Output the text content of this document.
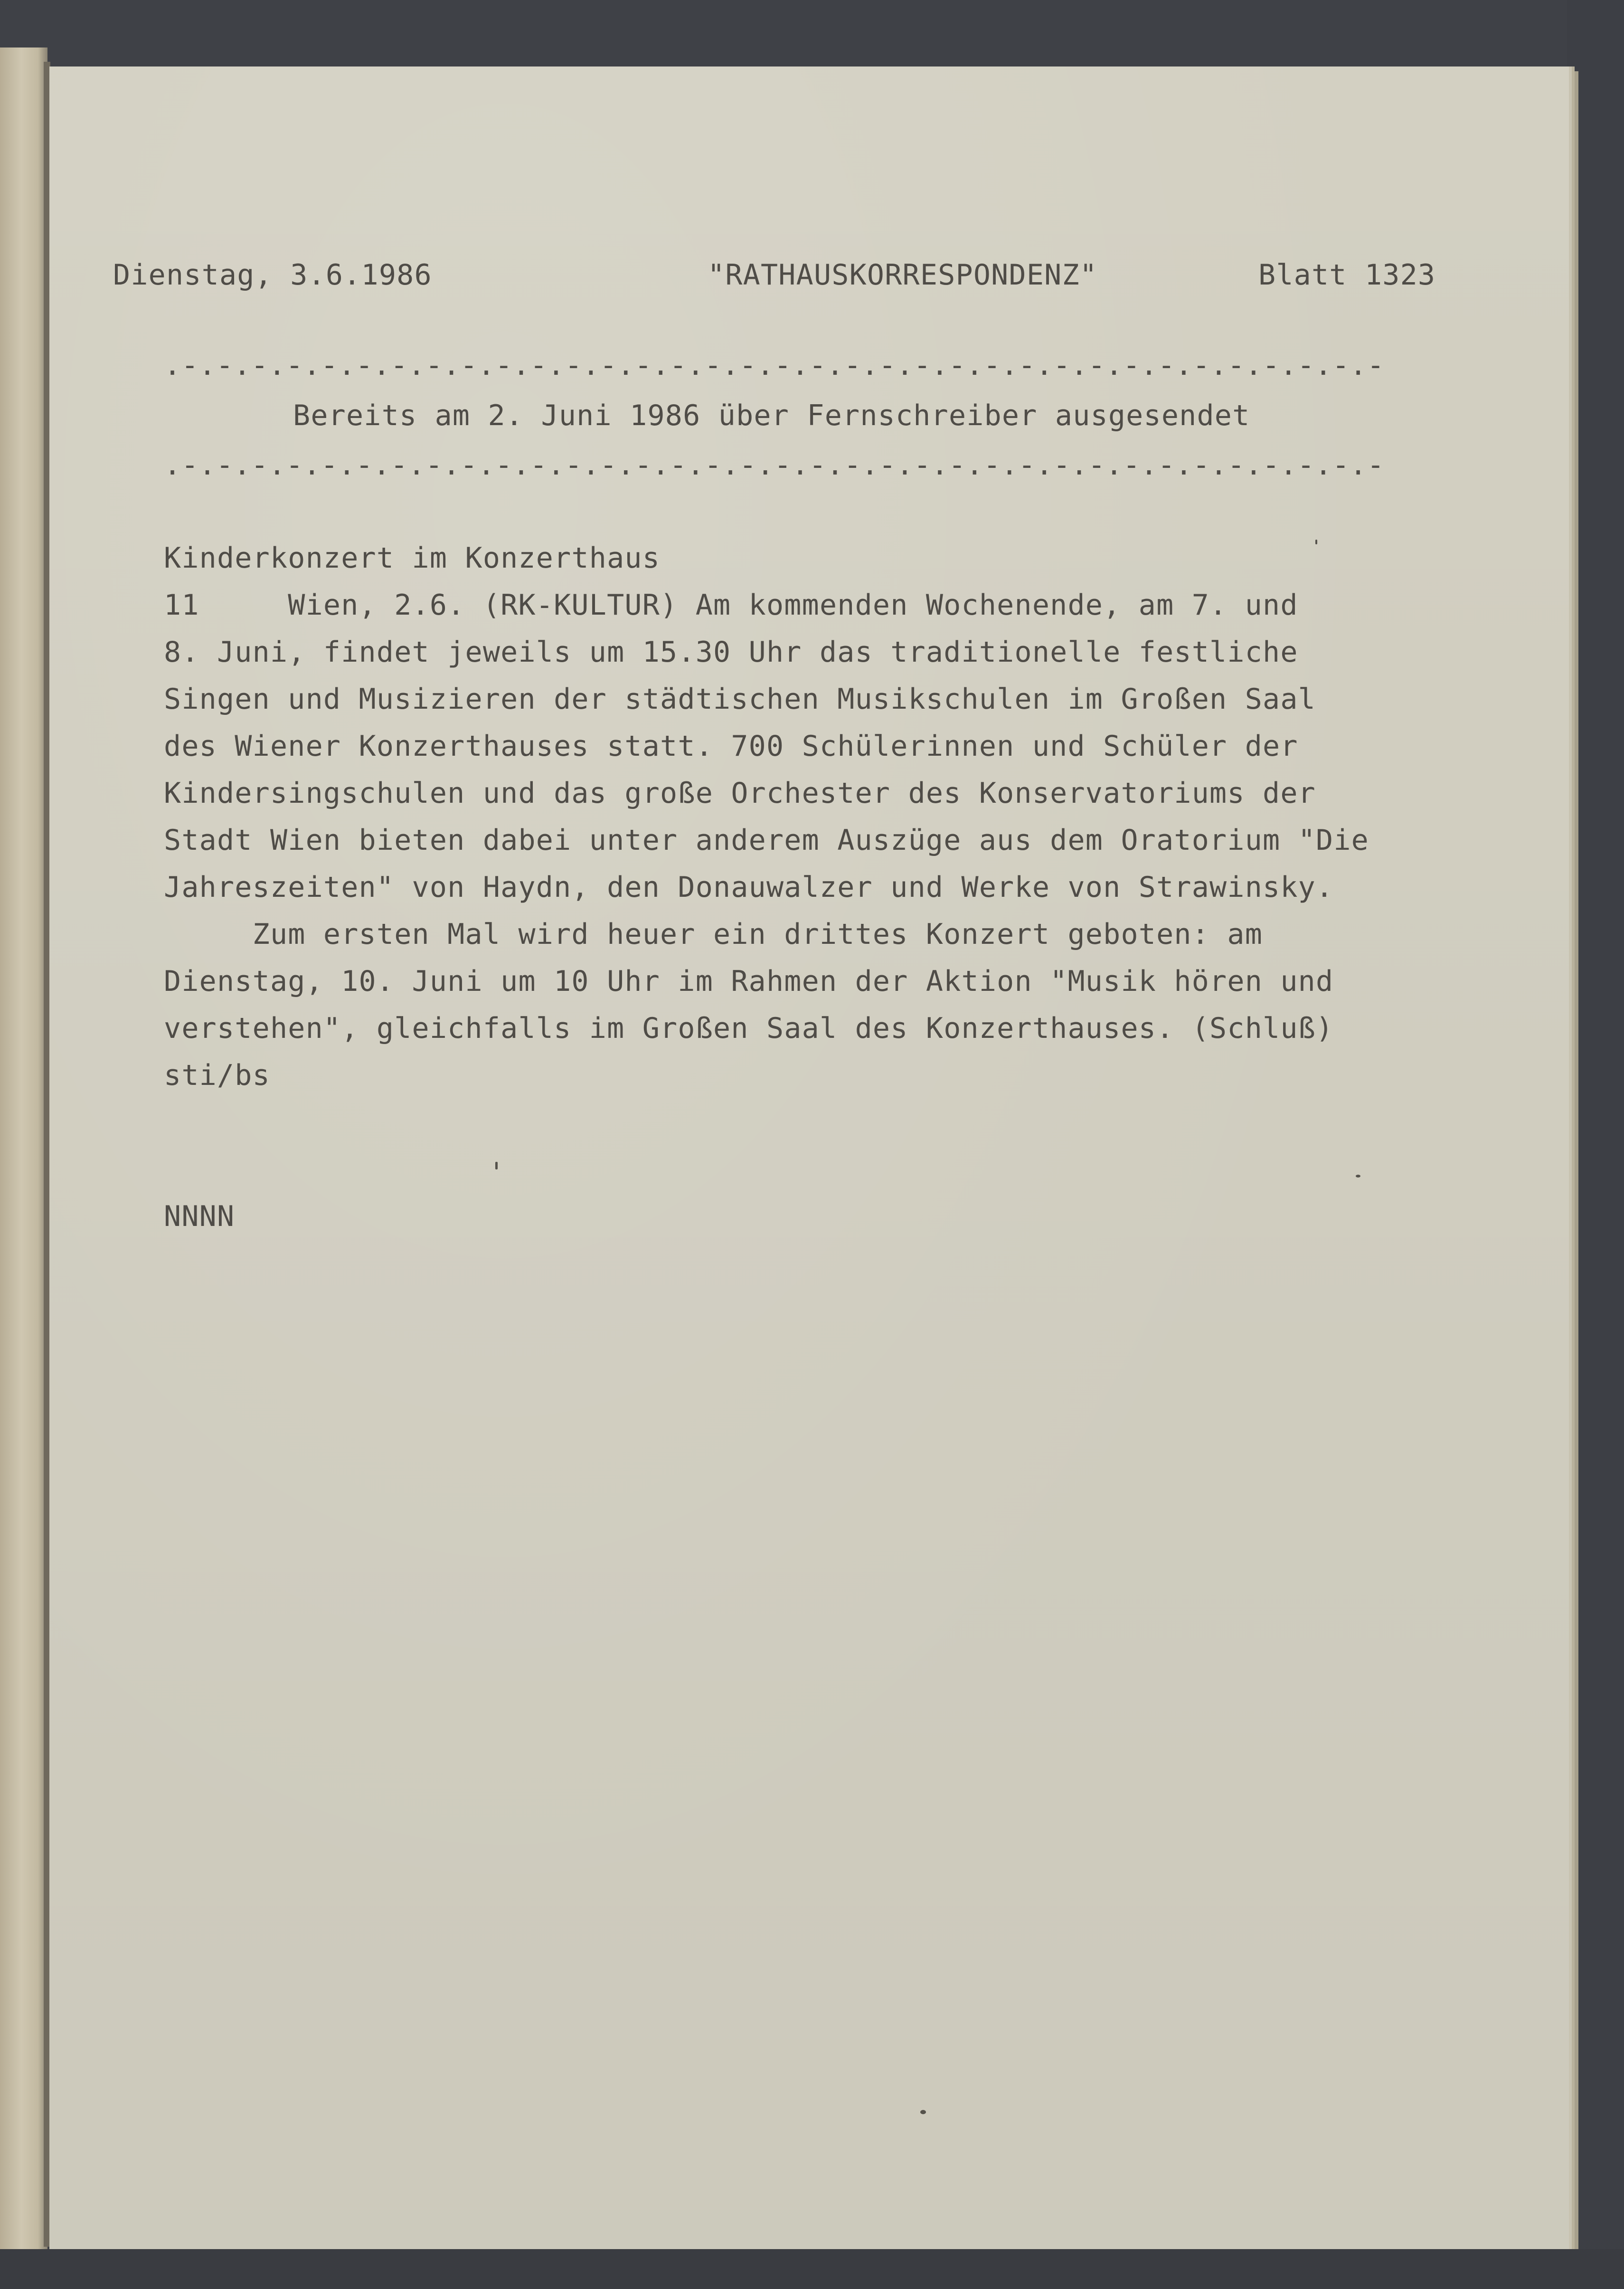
Dienstag, 3.6.1986	"RATHAUSKORRESPONDENZ"	Blatt 1323

.-.-.-.-.-.-.-.-.-.-.-.-.-.-.-.-.-.-.-.-.-.-.-.-.-.-.-.-.-.-.-.-.-.-.-

Bereits am 2. Juni 1986 über Fernschreiber ausgesendet

.-.-.-.-.-.-.-.-.-.-.-.-.-.-.-.-.-.-.-.-.-.-.-.-.-.-.-.-.-.-.-.-.-.-.-

Kinderkonzert im Konzerthaus

11     Wien, 2.6. (RK-KULTUR) Am kommenden Wochenende, am 7. und

8. Juni, findet jeweils um 15.30 Uhr das traditionelle festliche

Singen und Musizieren der städtischen Musikschulen im Großen Saal

des Wiener Konzerthauses statt. 700 Schülerinnen und Schüler der

Kindersingschulen und das große Orchester des Konservatoriums der

Stadt Wien bieten dabei unter anderem Auszüge aus dem Oratorium "Die

Jahreszeiten" von Haydn, den Donauwalzer und Werke von Strawinsky.

Zum ersten Mal wird heuer ein drittes Konzert geboten: am

Dienstag, 10. Juni um 10 Uhr im Rahmen der Aktion "Musik hören und

verstehen", gleichfalls im Großen Saal des Konzerthauses. (Schluß)

sti/bs

NNNN
